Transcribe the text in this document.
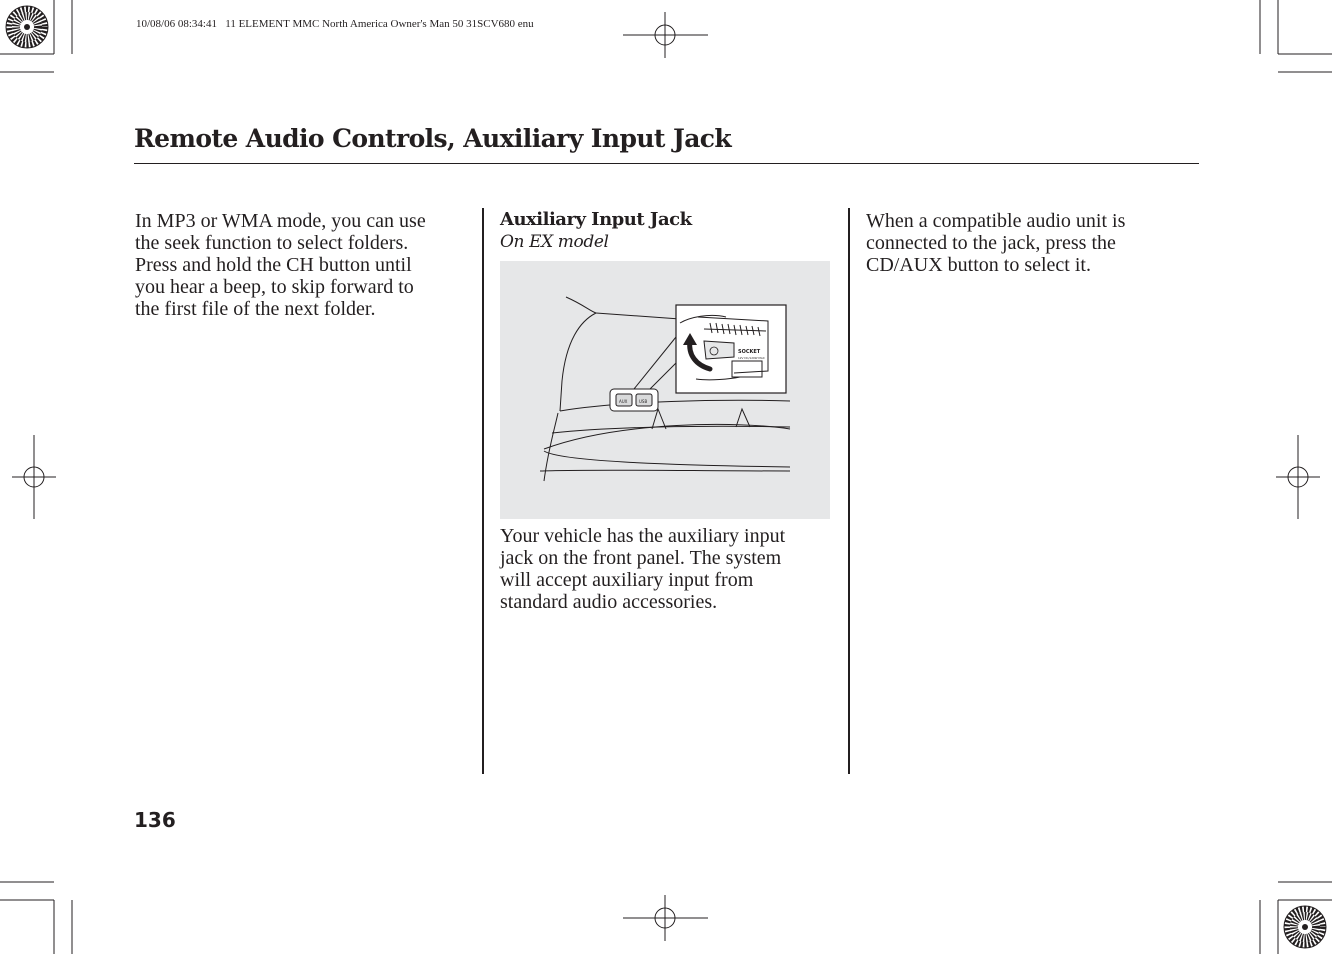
10/08/06 08:34:41   11 ELEMENT MMC North America Owner's Man 50 31SCV680 enu
Remote Audio Controls, Auxiliary Input Jack
In MP3 or WMA mode, you can use
the seek function to select folders.
Press and hold the CH button until
you hear a beep, to skip forward to
the first file of the next folder.
Auxiliary Input Jack
On EX model
AUX	USB
SOCKET
12V DC/120W MAX
Your vehicle has the auxiliary input
jack on the front panel. The system
will accept auxiliary input from
standard audio accessories.
When a compatible audio unit is
connected to the jack, press the
CD/AUX button to select it.
136
